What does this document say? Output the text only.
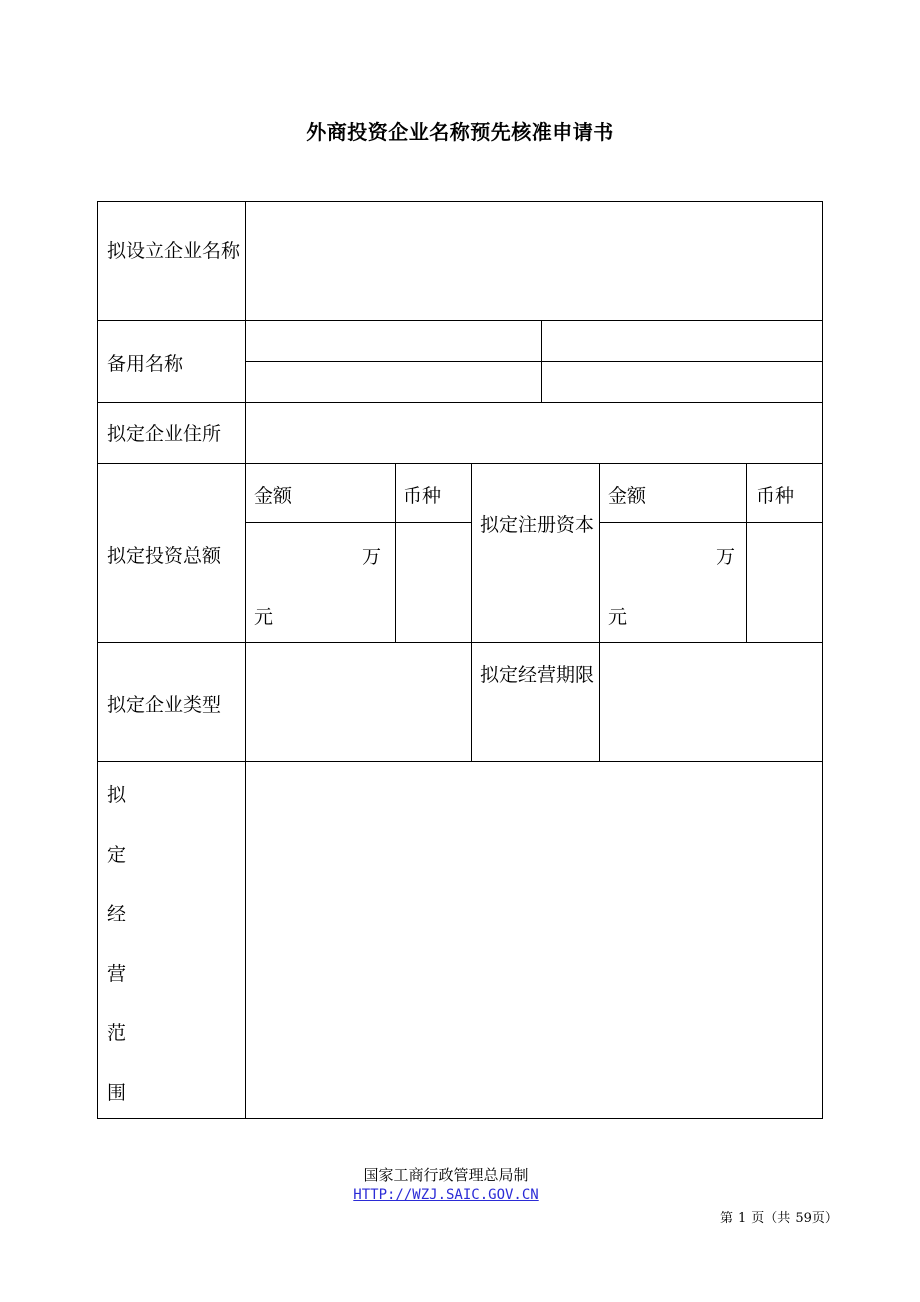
外商投资企业名称预先核准申请书
拟设立企业名称
备用名称
拟定企业住所
拟定投资总额
金额	币种
万
元
拟定注册资本
金额	币种
万
元
拟定企业类型
拟定经营期限
拟定经营范围
国家工商行政管理总局制
HTTP://WZJ.SAIC.GOV.CN
第 1 页（共 59页）
